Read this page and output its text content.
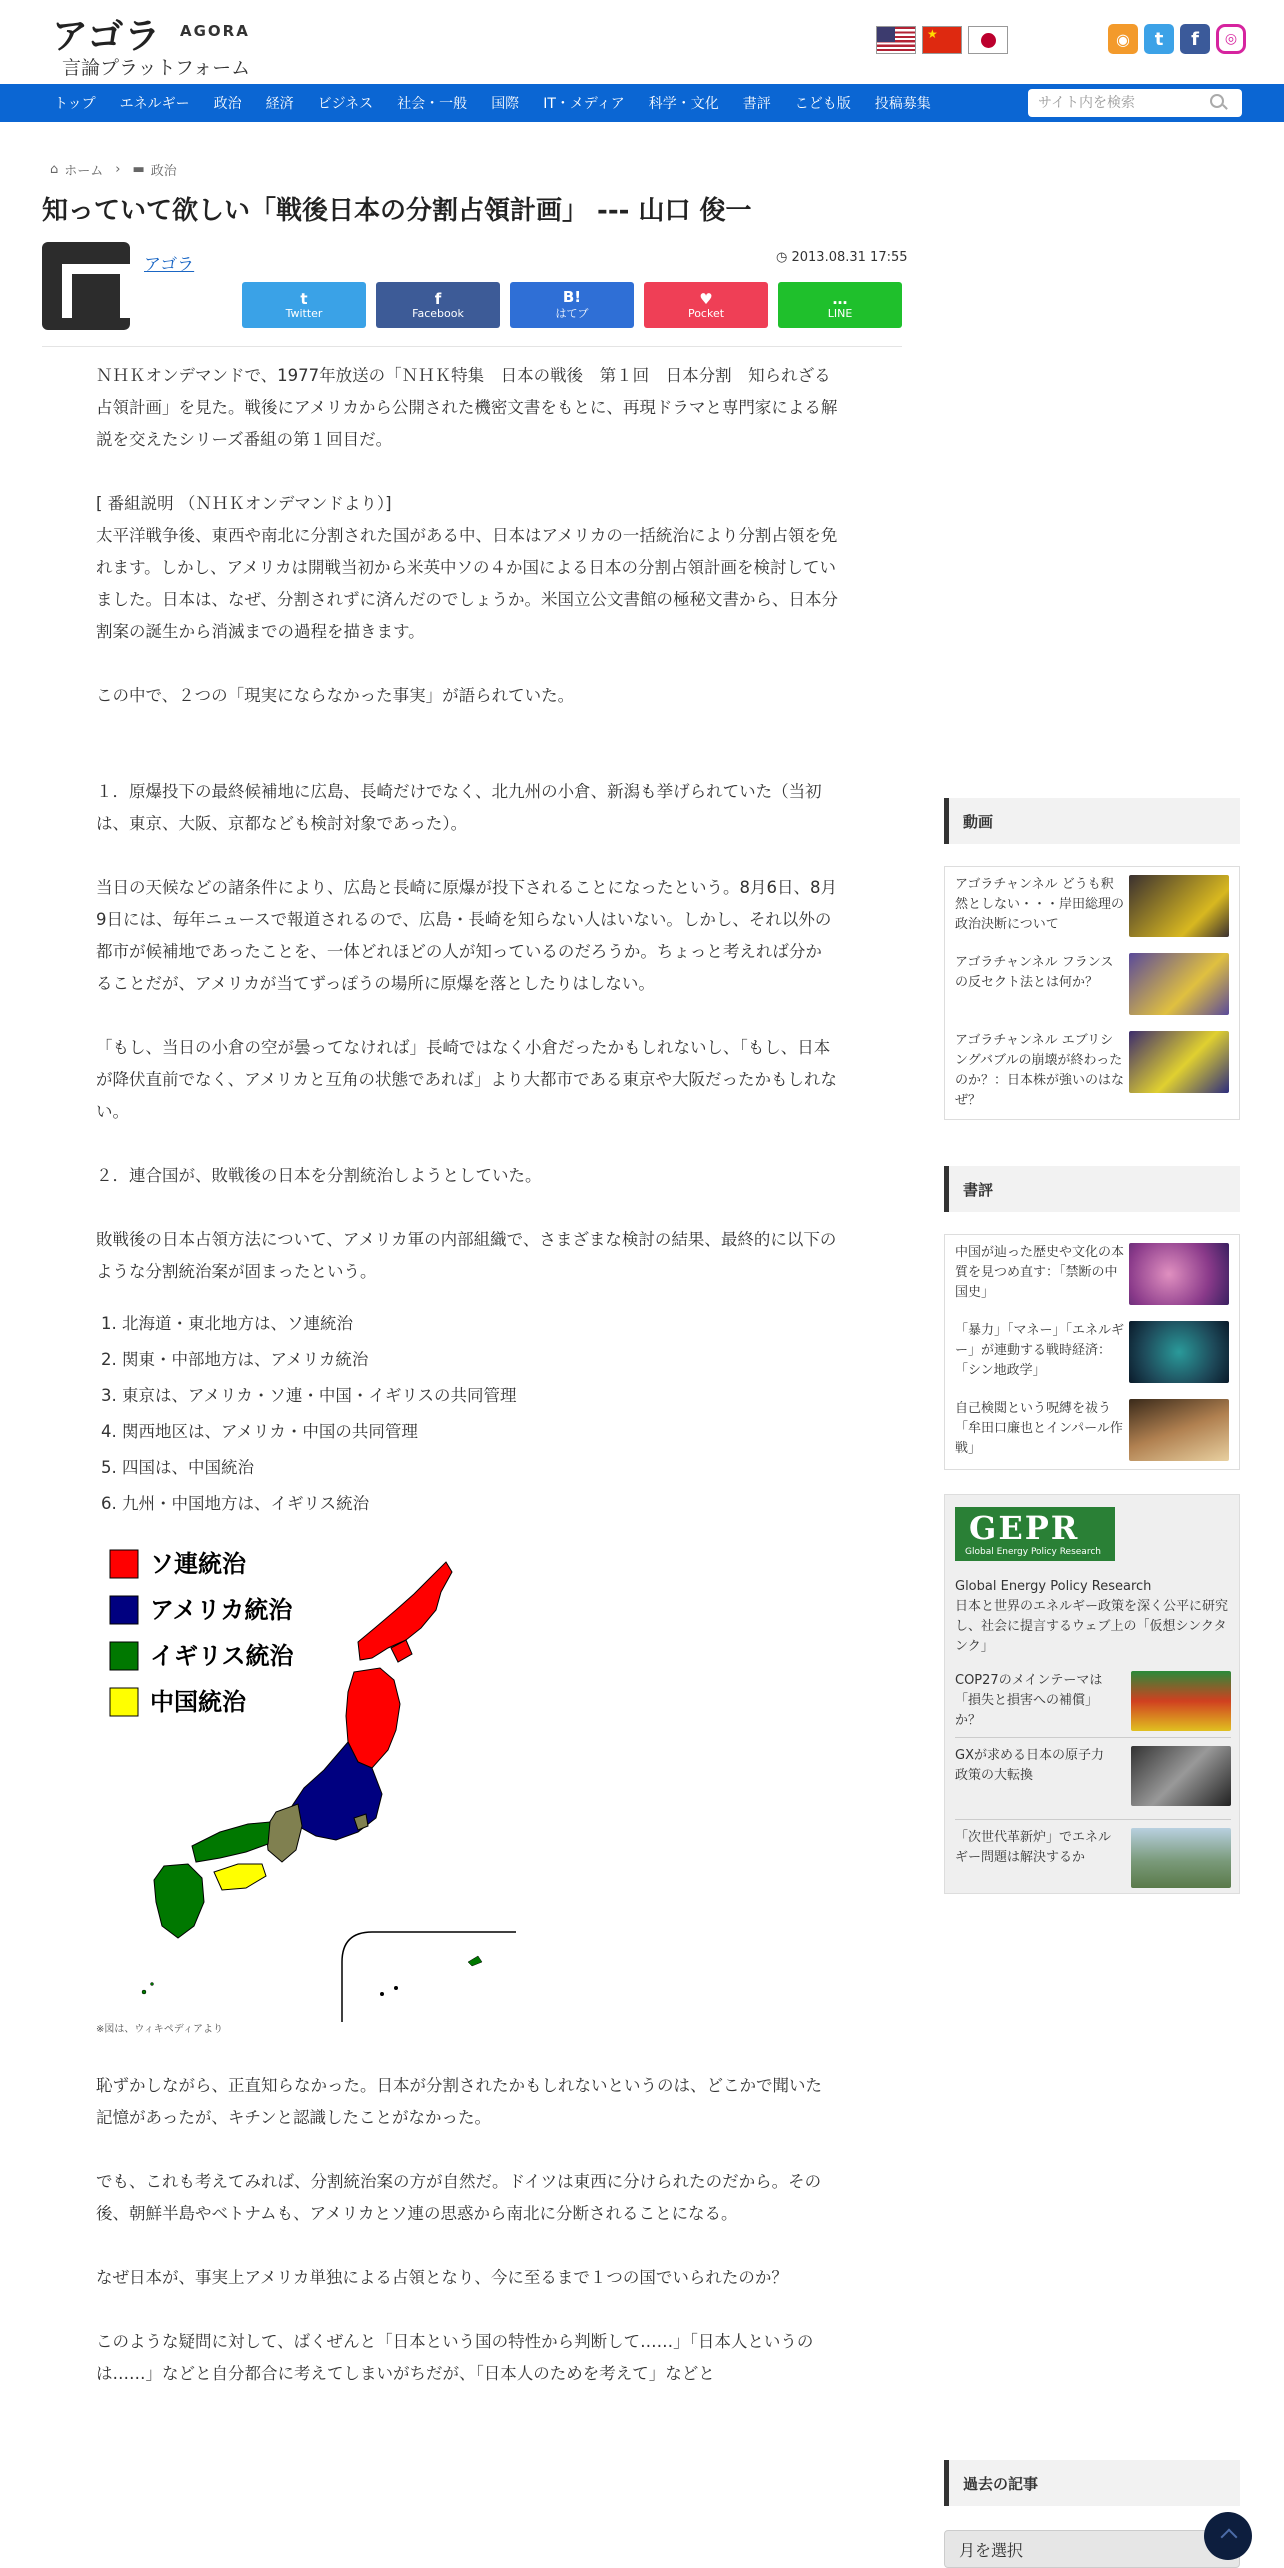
アゴラ AGORA
言論プラットフォーム
★
◉	t	f	◎
トップ	エネルギー	政治	経済	ビジネス	社会・一般	国際	IT・メディア	科学・文化	書評	こども版	投稿募集
サイト内を検索
⌂ ホーム › ▬ 政治
知っていて欲しい「戦後日本の分割占領計画」 --- 山口 俊一
アゴラ	◷ 2013.08.31 17:55
t
Twitter
f
Facebook
B!
はてブ
♥
Pocket
…
LINE

ＮＨＫオンデマンドで、1977年放送の「ＮＨＫ特集　日本の戦後　第１回　日本分割　知られざる占領計画」を見た。戦後にアメリカから公開された機密文書をもとに、再現ドラマと専門家による解説を交えたシリーズ番組の第１回目だ。

[ 番組説明 （ＮＨＫオンデマンドより）]

太平洋戦争後、東西や南北に分割された国がある中、日本はアメリカの一括統治により分割占領を免れます。しかし、アメリカは開戦当初から米英中ソの４か国による日本の分割占領計画を検討していました。日本は、なぜ、分割されずに済んだのでしょうか。米国立公文書館の極秘文書から、日本分割案の誕生から消滅までの過程を描きます。

この中で、２つの「現実にならなかった事実」が語られていた。

１．原爆投下の最終候補地に広島、長崎だけでなく、北九州の小倉、新潟も挙げられていた（当初は、東京、大阪、京都なども検討対象であった）。

当日の天候などの諸条件により、広島と長崎に原爆が投下されることになったという。8月6日、8月9日には、毎年ニュースで報道されるので、広島・長崎を知らない人はいない。しかし、それ以外の都市が候補地であったことを、一体どれほどの人が知っているのだろうか。ちょっと考えれば分かることだが、アメリカが当てずっぽうの場所に原爆を落としたりはしない。

「もし、当日の小倉の空が曇ってなければ」長崎ではなく小倉だったかもしれないし、「もし、日本が降伏直前でなく、アメリカと互角の状態であれば」より大都市である東京や大阪だったかもしれない。

２．連合国が、敗戦後の日本を分割統治しようとしていた。

敗戦後の日本占領方法について、アメリカ軍の内部組織で、さまざまな検討の結果、最終的に以下のような分割統治案が固まったという。

1. 北海道・東北地方は、ソ連統治
2. 関東・中部地方は、アメリカ統治
3. 東京は、アメリカ・ソ連・中国・イギリスの共同管理
4. 関西地区は、アメリカ・中国の共同管理
5. 四国は、中国統治
6. 九州・中国地方は、イギリス統治
ソ連統治
アメリカ統治
イギリス統治
中国統治

※図は、ウィキペディアより

恥ずかしながら、正直知らなかった。日本が分割されたかもしれないというのは、どこかで聞いた記憶があったが、キチンと認識したことがなかった。

でも、これも考えてみれば、分割統治案の方が自然だ。ドイツは東西に分けられたのだから。その後、朝鮮半島やベトナムも、アメリカとソ連の思惑から南北に分断されることになる。

なぜ日本が、事実上アメリカ単独による占領となり、今に至るまで１つの国でいられたのか？

このような疑問に対して、ばくぜんと「日本という国の特性から判断して……」「日本人というのは……」などと自分都合に考えてしまいがちだが、「日本人のためを考えて」などと

動画
アゴラチャンネル どうも釈然としない・・・岸田総理の政治決断について
アゴラチャンネル フランスの反セクト法とは何か？
アゴラチャンネル エブリシングバブルの崩壊が終わったのか？：日本株が強いのはなぜ？
書評
中国が辿った歴史や文化の本質を見つめ直す：「禁断の中国史」
「暴力」「マネー」「エネルギー」が連動する戦時経済：「シン地政学」
自己検閲という呪縛を祓う「牟田口廉也とインパール作戦」
GEPR
Global Energy Policy Research
Global Energy Policy Research
日本と世界のエネルギー政策を深く公平に研究し、社会に提言するウェブ上の「仮想シンクタンク」
COP27のメインテーマは「損失と損害への補償」か？
GXが求める日本の原子力政策の大転換
「次世代革新炉」でエネルギー問題は解決するか
過去の記事
月を選択
